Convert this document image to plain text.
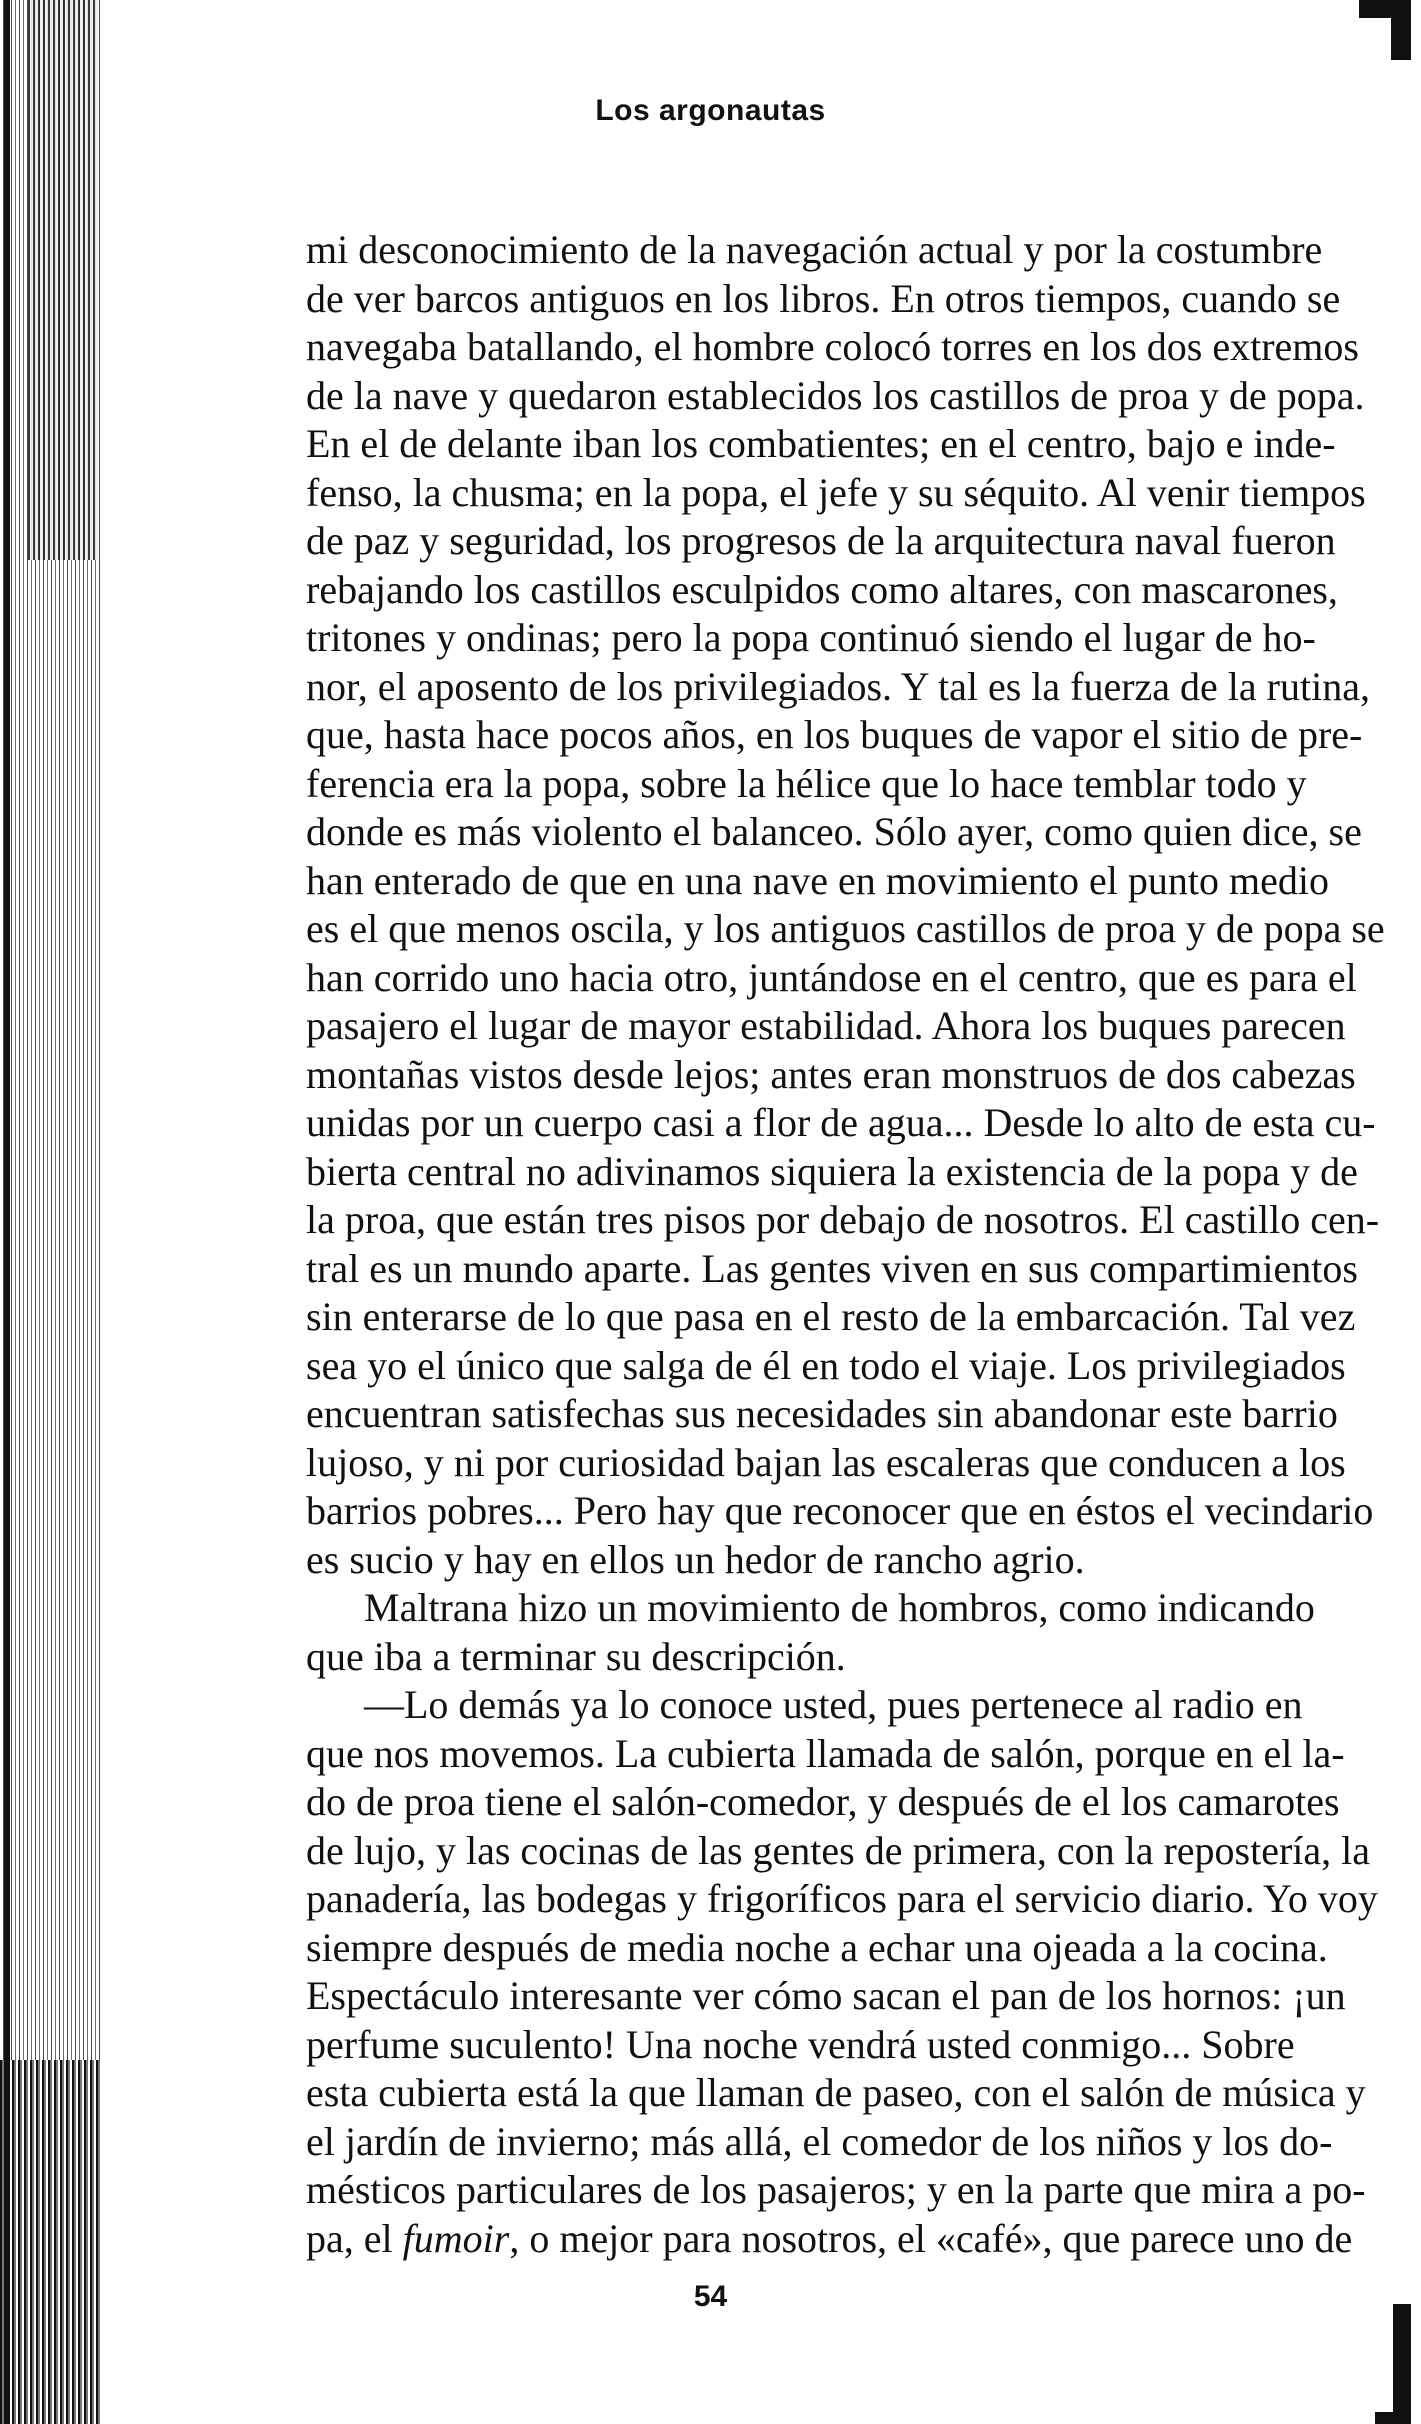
Los argonautas
mi desconocimiento de la navegación actual y por la costumbre
de ver barcos antiguos en los libros. En otros tiempos, cuando se
navegaba batallando, el hombre colocó torres en los dos extremos
de la nave y quedaron establecidos los castillos de proa y de popa.
En el de delante iban los combatientes; en el centro, bajo e inde-
fenso, la chusma; en la popa, el jefe y su séquito. Al venir tiempos
de paz y seguridad, los progresos de la arquitectura naval fueron
rebajando los castillos esculpidos como altares, con mascarones,
tritones y ondinas; pero la popa continuó siendo el lugar de ho-
nor, el aposento de los privilegiados. Y tal es la fuerza de la rutina,
que, hasta hace pocos años, en los buques de vapor el sitio de pre-
ferencia era la popa, sobre la hélice que lo hace temblar todo y
donde es más violento el balanceo. Sólo ayer, como quien dice, se
han enterado de que en una nave en movimiento el punto medio
es el que menos oscila, y los antiguos castillos de proa y de popa se
han corrido uno hacia otro, juntándose en el centro, que es para el
pasajero el lugar de mayor estabilidad. Ahora los buques parecen
montañas vistos desde lejos; antes eran monstruos de dos cabezas
unidas por un cuerpo casi a flor de agua... Desde lo alto de esta cu-
bierta central no adivinamos siquiera la existencia de la popa y de
la proa, que están tres pisos por debajo de nosotros. El castillo cen-
tral es un mundo aparte. Las gentes viven en sus compartimientos
sin enterarse de lo que pasa en el resto de la embarcación. Tal vez
sea yo el único que salga de él en todo el viaje. Los privilegiados
encuentran satisfechas sus necesidades sin abandonar este barrio
lujoso, y ni por curiosidad bajan las escaleras que conducen a los
barrios pobres... Pero hay que reconocer que en éstos el vecindario
es sucio y hay en ellos un hedor de rancho agrio.
Maltrana hizo un movimiento de hombros, como indicando
que iba a terminar su descripción.
—Lo demás ya lo conoce usted, pues pertenece al radio en
que nos movemos. La cubierta llamada de salón, porque en el la-
do de proa tiene el salón-comedor, y después de el los camarotes
de lujo, y las cocinas de las gentes de primera, con la repostería, la
panadería, las bodegas y frigoríficos para el servicio diario. Yo voy
siempre después de media noche a echar una ojeada a la cocina.
Espectáculo interesante ver cómo sacan el pan de los hornos: ¡un
perfume suculento! Una noche vendrá usted conmigo... Sobre
esta cubierta está la que llaman de paseo, con el salón de música y
el jardín de invierno; más allá, el comedor de los niños y los do-
mésticos particulares de los pasajeros; y en la parte que mira a po-
pa, el fumoir, o mejor para nosotros, el «café», que parece uno de
54
